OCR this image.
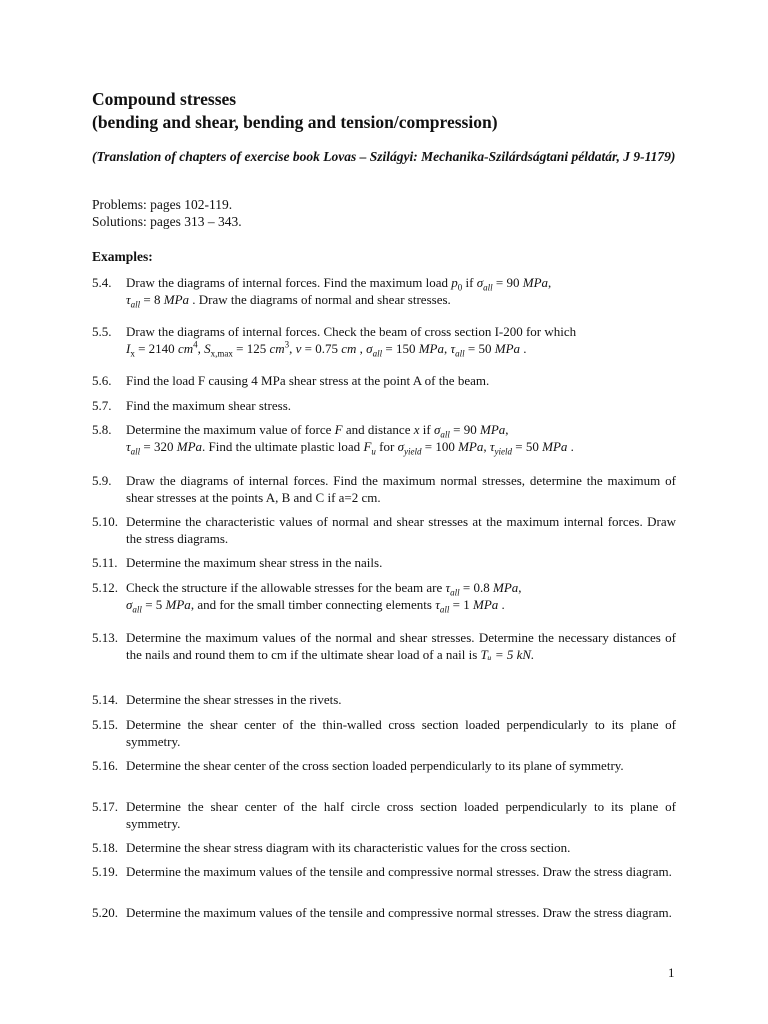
Compound stresses
(bending and shear, bending and tension/compression)
(Translation of chapters of exercise book Lovas – Szilágyi: Mechanika-Szilárdságtani példatár, J 9-1179)
Problems: pages 102-119.
Solutions: pages 313 – 343.
Examples:
5.4. Draw the diagrams of internal forces. Find the maximum load $p_0$ if $\sigma_{all} = 90$ MPa,
$\tau_{all} = 8$ MPa . Draw the diagrams of normal and shear stresses.
5.5. Draw the diagrams of internal forces. Check the beam of cross section I-200 for which
$I_x = 2140$ $cm^4$, $S_{x,max} = 125$ $cm^3$, ν = 0.75 cm , $\sigma_{all} = 150$ MPa, $\tau_{all} = 50$ MPa .
5.6. Find the load F causing 4 MPa shear stress at the point A of the beam.
5.7. Find the maximum shear stress.
5.8. Determine the maximum value of force F and distance x if $\sigma_{all} = 90$ MPa,
$\tau_{all} = 320$ MPa. Find the ultimate plastic load $F_u$ for $\sigma_{yield} = 100$ MPa, $\tau_{yield} = 50$ MPa .
5.9. Draw the diagrams of internal forces. Find the maximum normal stresses, determine the maximum of shear stresses at the points A, B and C if a=2 cm.
5.10. Determine the characteristic values of normal and shear stresses at the maximum internal forces. Draw the stress diagrams.
5.11. Determine the maximum shear stress in the nails.
5.12. Check the structure if the allowable stresses for the beam are $\tau_{all} = 0.8$ MPa,
$\sigma_{all} = 5$ MPa, and for the small timber connecting elements $\tau_{all} = 1$ MPa .
5.13. Determine the maximum values of the normal and shear stresses. Determine the necessary distances of the nails and round them to cm if the ultimate shear load of a nail is Tᵤ = 5 kN.
5.14. Determine the shear stresses in the rivets.
5.15. Determine the shear center of the thin-walled cross section loaded perpendicularly to its plane of symmetry.
5.16. Determine the shear center of the cross section loaded perpendicularly to its plane of symmetry.
5.17. Determine the shear center of the half circle cross section loaded perpendicularly to its plane of symmetry.
5.18. Determine the shear stress diagram with its characteristic values for the cross section.
5.19. Determine the maximum values of the tensile and compressive normal stresses. Draw the stress diagram.
5.20. Determine the maximum values of the tensile and compressive normal stresses. Draw the stress diagram.
1
